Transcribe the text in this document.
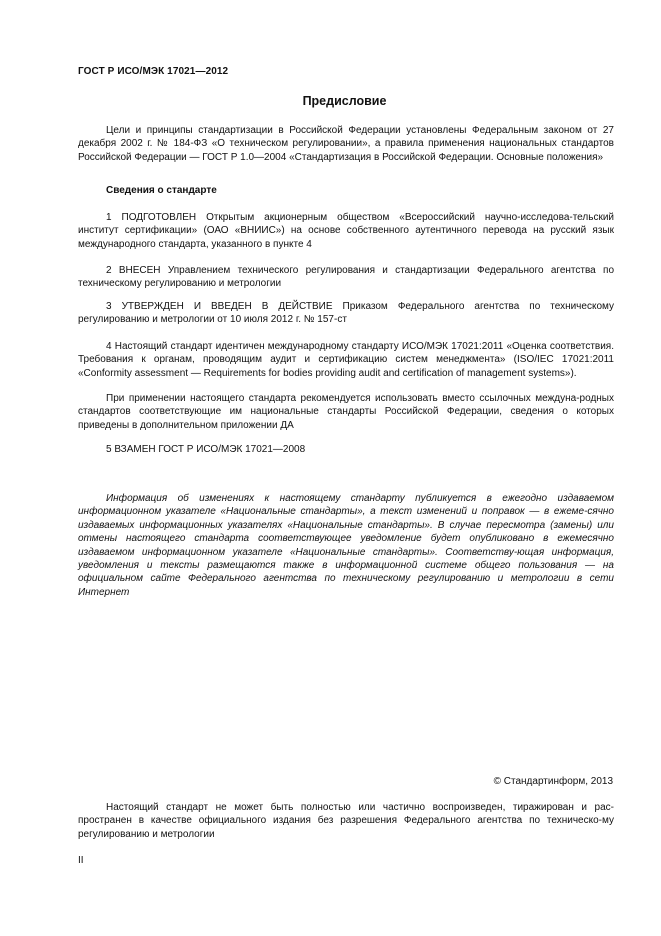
ГОСТ Р ИСО/МЭК 17021—2012
Предисловие

Цели и принципы стандартизации в Российской Федерации установлены Федеральным законом от 27 декабря 2002 г. № 184-ФЗ «О техническом регулировании», а правила применения национальных стандартов Российской Федерации — ГОСТ Р 1.0—2004 «Стандартизация в Российской Федерации. Основные положения»

Сведения о стандарте

1 ПОДГОТОВЛЕН Открытым акционерным обществом «Всероссийский научно-исследова-тельский институт сертификации» (ОАО «ВНИИС») на основе собственного аутентичного перевода на русский язык международного стандарта, указанного в пункте 4

2 ВНЕСЕН Управлением технического регулирования и стандартизации Федерального агентства по техническому регулированию и метрологии

3 УТВЕРЖДЕН И ВВЕДЕН В ДЕЙСТВИЕ Приказом Федерального агентства по техническому регулированию и метрологии от 10 июля 2012 г. № 157-ст

4 Настоящий стандарт идентичен международному стандарту ИСО/МЭК 17021:2011 «Оценка соответствия. Требования к органам, проводящим аудит и сертификацию систем менеджмента» (ISO/IEC 17021:2011 «Conformity assessment — Requirements for bodies providing audit and certification of management systems»).

При применении настоящего стандарта рекомендуется использовать вместо ссылочных междуна-родных стандартов соответствующие им национальные стандарты Российской Федерации, сведения о которых приведены в дополнительном приложении ДА

5 ВЗАМЕН ГОСТ Р ИСО/МЭК 17021—2008

Информация об изменениях к настоящему стандарту публикуется в ежегодно издаваемом информационном указателе «Национальные стандарты», а текст изменений и поправок — в ежеме-сячно издаваемых информационных указателях «Национальные стандарты». В случае пересмотра (замены) или отмены настоящего стандарта соответствующее уведомление будет опубликовано в ежемесячно издаваемом информационном указателе «Национальные стандарты». Соответству-ющая информация, уведомления и тексты размещаются также в информационной системе общего пользования — на официальном сайте Федерального агентства по техническому регулированию и метрологии в сети Интернет

© Стандартинформ, 2013

Настоящий стандарт не может быть полностью или частично воспроизведен, тиражирован и рас-пространен в качестве официального издания без разрешения Федерального агентства по техническо-му регулированию и метрологии

II
